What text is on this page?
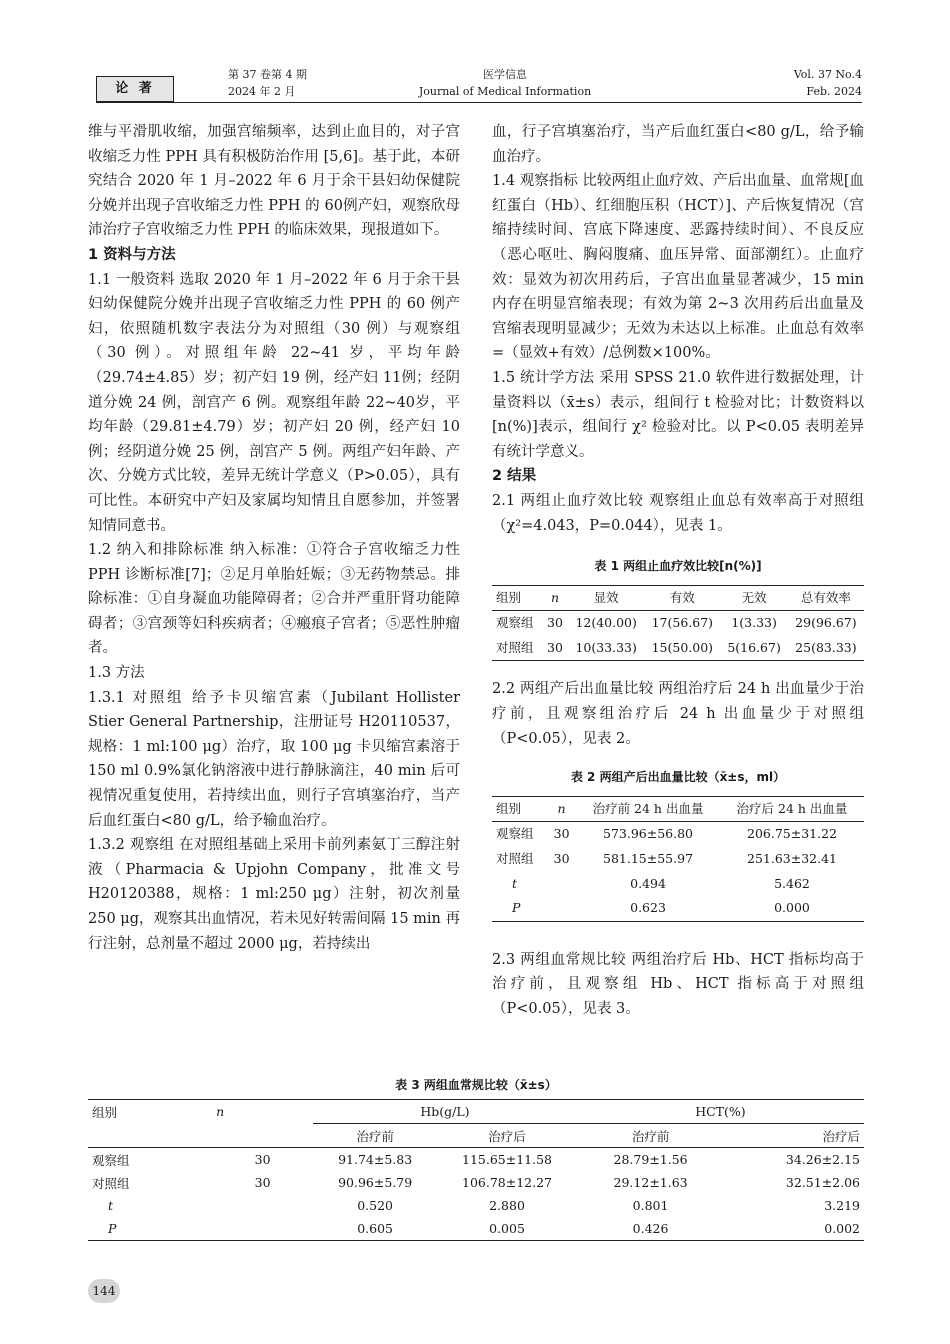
论 著
第 37 卷第 4 期
2024 年 2 月
医学信息
Journal of Medical Information
Vol. 37 No.4
Feb. 2024

维与平滑肌收缩，加强宫缩频率，达到止血目的，对子宫收缩乏力性 PPH 具有积极防治作用 [5,6]。基于此，本研究结合 2020 年 1 月–2022 年 6 月于余干县妇幼保健院分娩并出现子宫收缩乏力性 PPH 的 60例产妇，观察欣母沛治疗子宫收缩乏力性 PPH 的临床效果，现报道如下。

1 资料与方法

1.1 一般资料 选取 2020 年 1 月–2022 年 6 月于余干县妇幼保健院分娩并出现子宫收缩乏力性 PPH 的 60 例产妇，依照随机数字表法分为对照组（30 例）与观察组（30 例）。对照组年龄 22~41 岁，平均年龄（29.74±4.85）岁；初产妇 19 例，经产妇 11例；经阴道分娩 24 例，剖宫产 6 例。观察组年龄 22~40岁，平均年龄（29.81±4.79）岁；初产妇 20 例，经产妇 10 例；经阴道分娩 25 例，剖宫产 5 例。两组产妇年龄、产次、分娩方式比较，差异无统计学意义（P>0.05），具有可比性。本研究中产妇及家属均知情且自愿参加，并签署知情同意书。

1.2 纳入和排除标准 纳入标准：①符合子宫收缩乏力性 PPH 诊断标准[7]；②足月单胎妊娠；③无药物禁忌。排除标准：①自身凝血功能障碍者；②合并严重肝肾功能障碍者；③宫颈等妇科疾病者；④瘢痕子宫者；⑤恶性肿瘤者。

1.3 方法

1.3.1 对照组 给予卡贝缩宫素（Jubilant Hollister Stier General Partnership，注册证号 H20110537，规格：1 ml:100 μg）治疗，取 100 μg 卡贝缩宫素溶于 150 ml 0.9%氯化钠溶液中进行静脉滴注，40 min 后可视情况重复使用，若持续出血，则行子宫填塞治疗，当产后血红蛋白<80 g/L，给予输血治疗。

1.3.2 观察组 在对照组基础上采用卡前列素氨丁三醇注射液（Pharmacia & Upjohn Company，批准文号 H20120388，规格：1 ml:250 μg）注射，初次剂量 250 μg，观察其出血情况，若未见好转需间隔 15 min 再行注射，总剂量不超过 2000 μg，若持续出

血，行子宫填塞治疗，当产后血红蛋白<80 g/L，给予输血治疗。

1.4 观察指标 比较两组止血疗效、产后出血量、血常规[血红蛋白（Hb）、红细胞压积（HCT）]、产后恢复情况（宫缩持续时间、宫底下降速度、恶露持续时间）、不良反应（恶心呕吐、胸闷腹痛、血压异常、面部潮红）。止血疗效：显效为初次用药后，子宫出血量显著减少，15 min 内存在明显宫缩表现；有效为第 2~3 次用药后出血量及宫缩表现明显减少；无效为未达以上标准。止血总有效率=（显效+有效）/总例数×100%。

1.5 统计学方法 采用 SPSS 21.0 软件进行数据处理，计量资料以（x̄±s）表示，组间行 t 检验对比；计数资料以[n(%)]表示，组间行 χ² 检验对比。以 P<0.05 表明差异有统计学意义。

2 结果

2.1 两组止血疗效比较 观察组止血总有效率高于对照组（χ²=4.043，P=0.044），见表 1。

表 1 两组止血疗效比较[n(%)]
组别	n	显效	有效	无效	总有效率
观察组	30	12(40.00)	17(56.67)	1(3.33)	29(96.67)
对照组	30	10(33.33)	15(50.00)	5(16.67)	25(83.33)

2.2 两组产后出血量比较 两组治疗后 24 h 出血量少于治疗前，且观察组治疗后 24 h 出血量少于对照组（P<0.05），见表 2。

表 2 两组产后出血量比较（x̄±s，ml）
组别	n	治疗前 24 h 出血量	治疗后 24 h 出血量
观察组	30	573.96±56.80	206.75±31.22
对照组	30	581.15±55.97	251.63±32.41
t		0.494	5.462
P		0.623	0.000

2.3 两组血常规比较 两组治疗后 Hb、HCT 指标均高于治疗前，且观察组 Hb、HCT 指标高于对照组（P<0.05），见表 3。

表 3 两组血常规比较（x̄±s）
组别	n	Hb(g/L)		HCT(%)	
		治疗前	治疗后	治疗前	治疗后
观察组	30	91.74±5.83	115.65±11.58	28.79±1.56	34.26±2.15
对照组	30	90.96±5.79	106.78±12.27	29.12±1.63	32.51±2.06
t		0.520	2.880	0.801	3.219
P		0.605	0.005	0.426	0.002
144
